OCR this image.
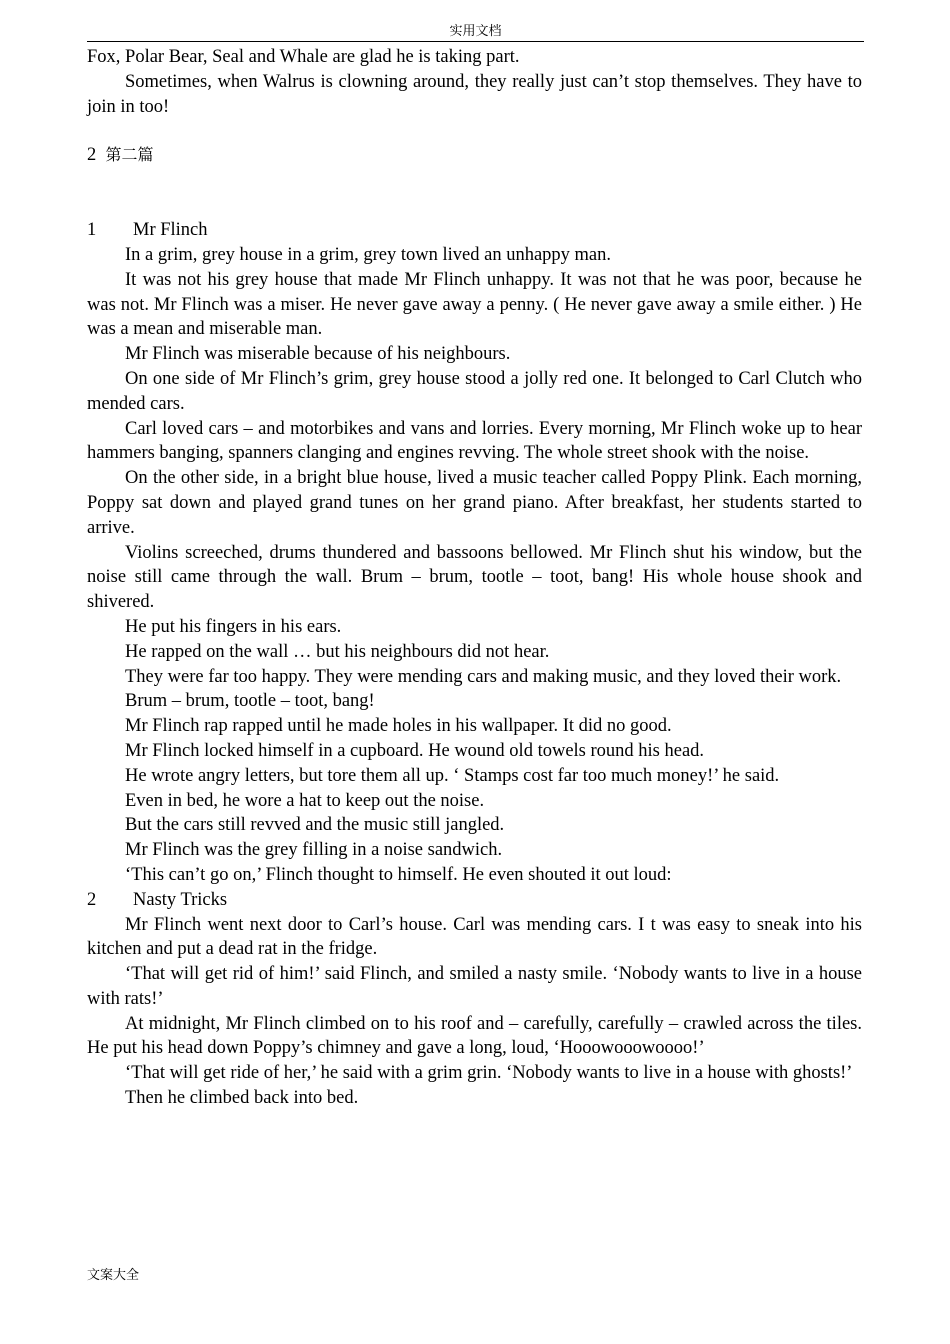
实用文档

Fox, Polar Bear, Seal and Whale are glad he is taking part.

Sometimes, when Walrus is clowning around, they really just can’t stop themselves. They have to join in too!

2 第二篇
1 Mr Flinch

In a grim, grey house in a grim, grey town lived an unhappy man.

It was not his grey house that made Mr Flinch unhappy. It was not that he was poor, because he was not. Mr Flinch was a miser. He never gave away a penny. ( He never gave away a smile either. ) He was a mean and miserable man.

Mr Flinch was miserable because of his neighbours.

On one side of Mr Flinch’s grim, grey house stood a jolly red one. It belonged to Carl Clutch who mended cars.

Carl loved cars – and motorbikes and vans and lorries. Every morning, Mr Flinch woke up to hear hammers banging, spanners clanging and engines revving. The whole street shook with the noise.

On the other side, in a bright blue house, lived a music teacher called Poppy Plink. Each morning, Poppy sat down and played grand tunes on her grand piano. After breakfast, her students started to arrive.

Violins screeched, drums thundered and bassoons bellowed. Mr Flinch shut his window, but the noise still came through the wall. Brum – brum, tootle – toot, bang! His whole house shook and shivered.

He put his fingers in his ears.

He rapped on the wall … but his neighbours did not hear.

They were far too happy. They were mending cars and making music, and they loved their work.

Brum – brum, tootle – toot, bang!

Mr Flinch rap rapped until he made holes in his wallpaper. It did no good.

Mr Flinch locked himself in a cupboard. He wound old towels round his head.

He wrote angry letters, but tore them all up. ‘ Stamps cost far too much money!’ he said.

Even in bed, he wore a hat to keep out the noise.

But the cars still revved and the music still jangled.

Mr Flinch was the grey filling in a noise sandwich.

‘This can’t go on,’ Flinch thought to himself. He even shouted it out loud:

2 Nasty Tricks

Mr Flinch went next door to Carl’s house. Carl was mending cars. I t was easy to sneak into his kitchen and put a dead rat in the fridge.

‘That will get rid of him!’ said Flinch, and smiled a nasty smile. ‘Nobody wants to live in a house with rats!’

At midnight, Mr Flinch climbed on to his roof and – carefully, carefully – crawled across the tiles. He put his head down Poppy’s chimney and gave a long, loud, ‘Hooowooowoooo!’

‘That will get ride of her,’ he said with a grim grin. ‘Nobody wants to live in a house with ghosts!’

Then he climbed back into bed.

文案大全
